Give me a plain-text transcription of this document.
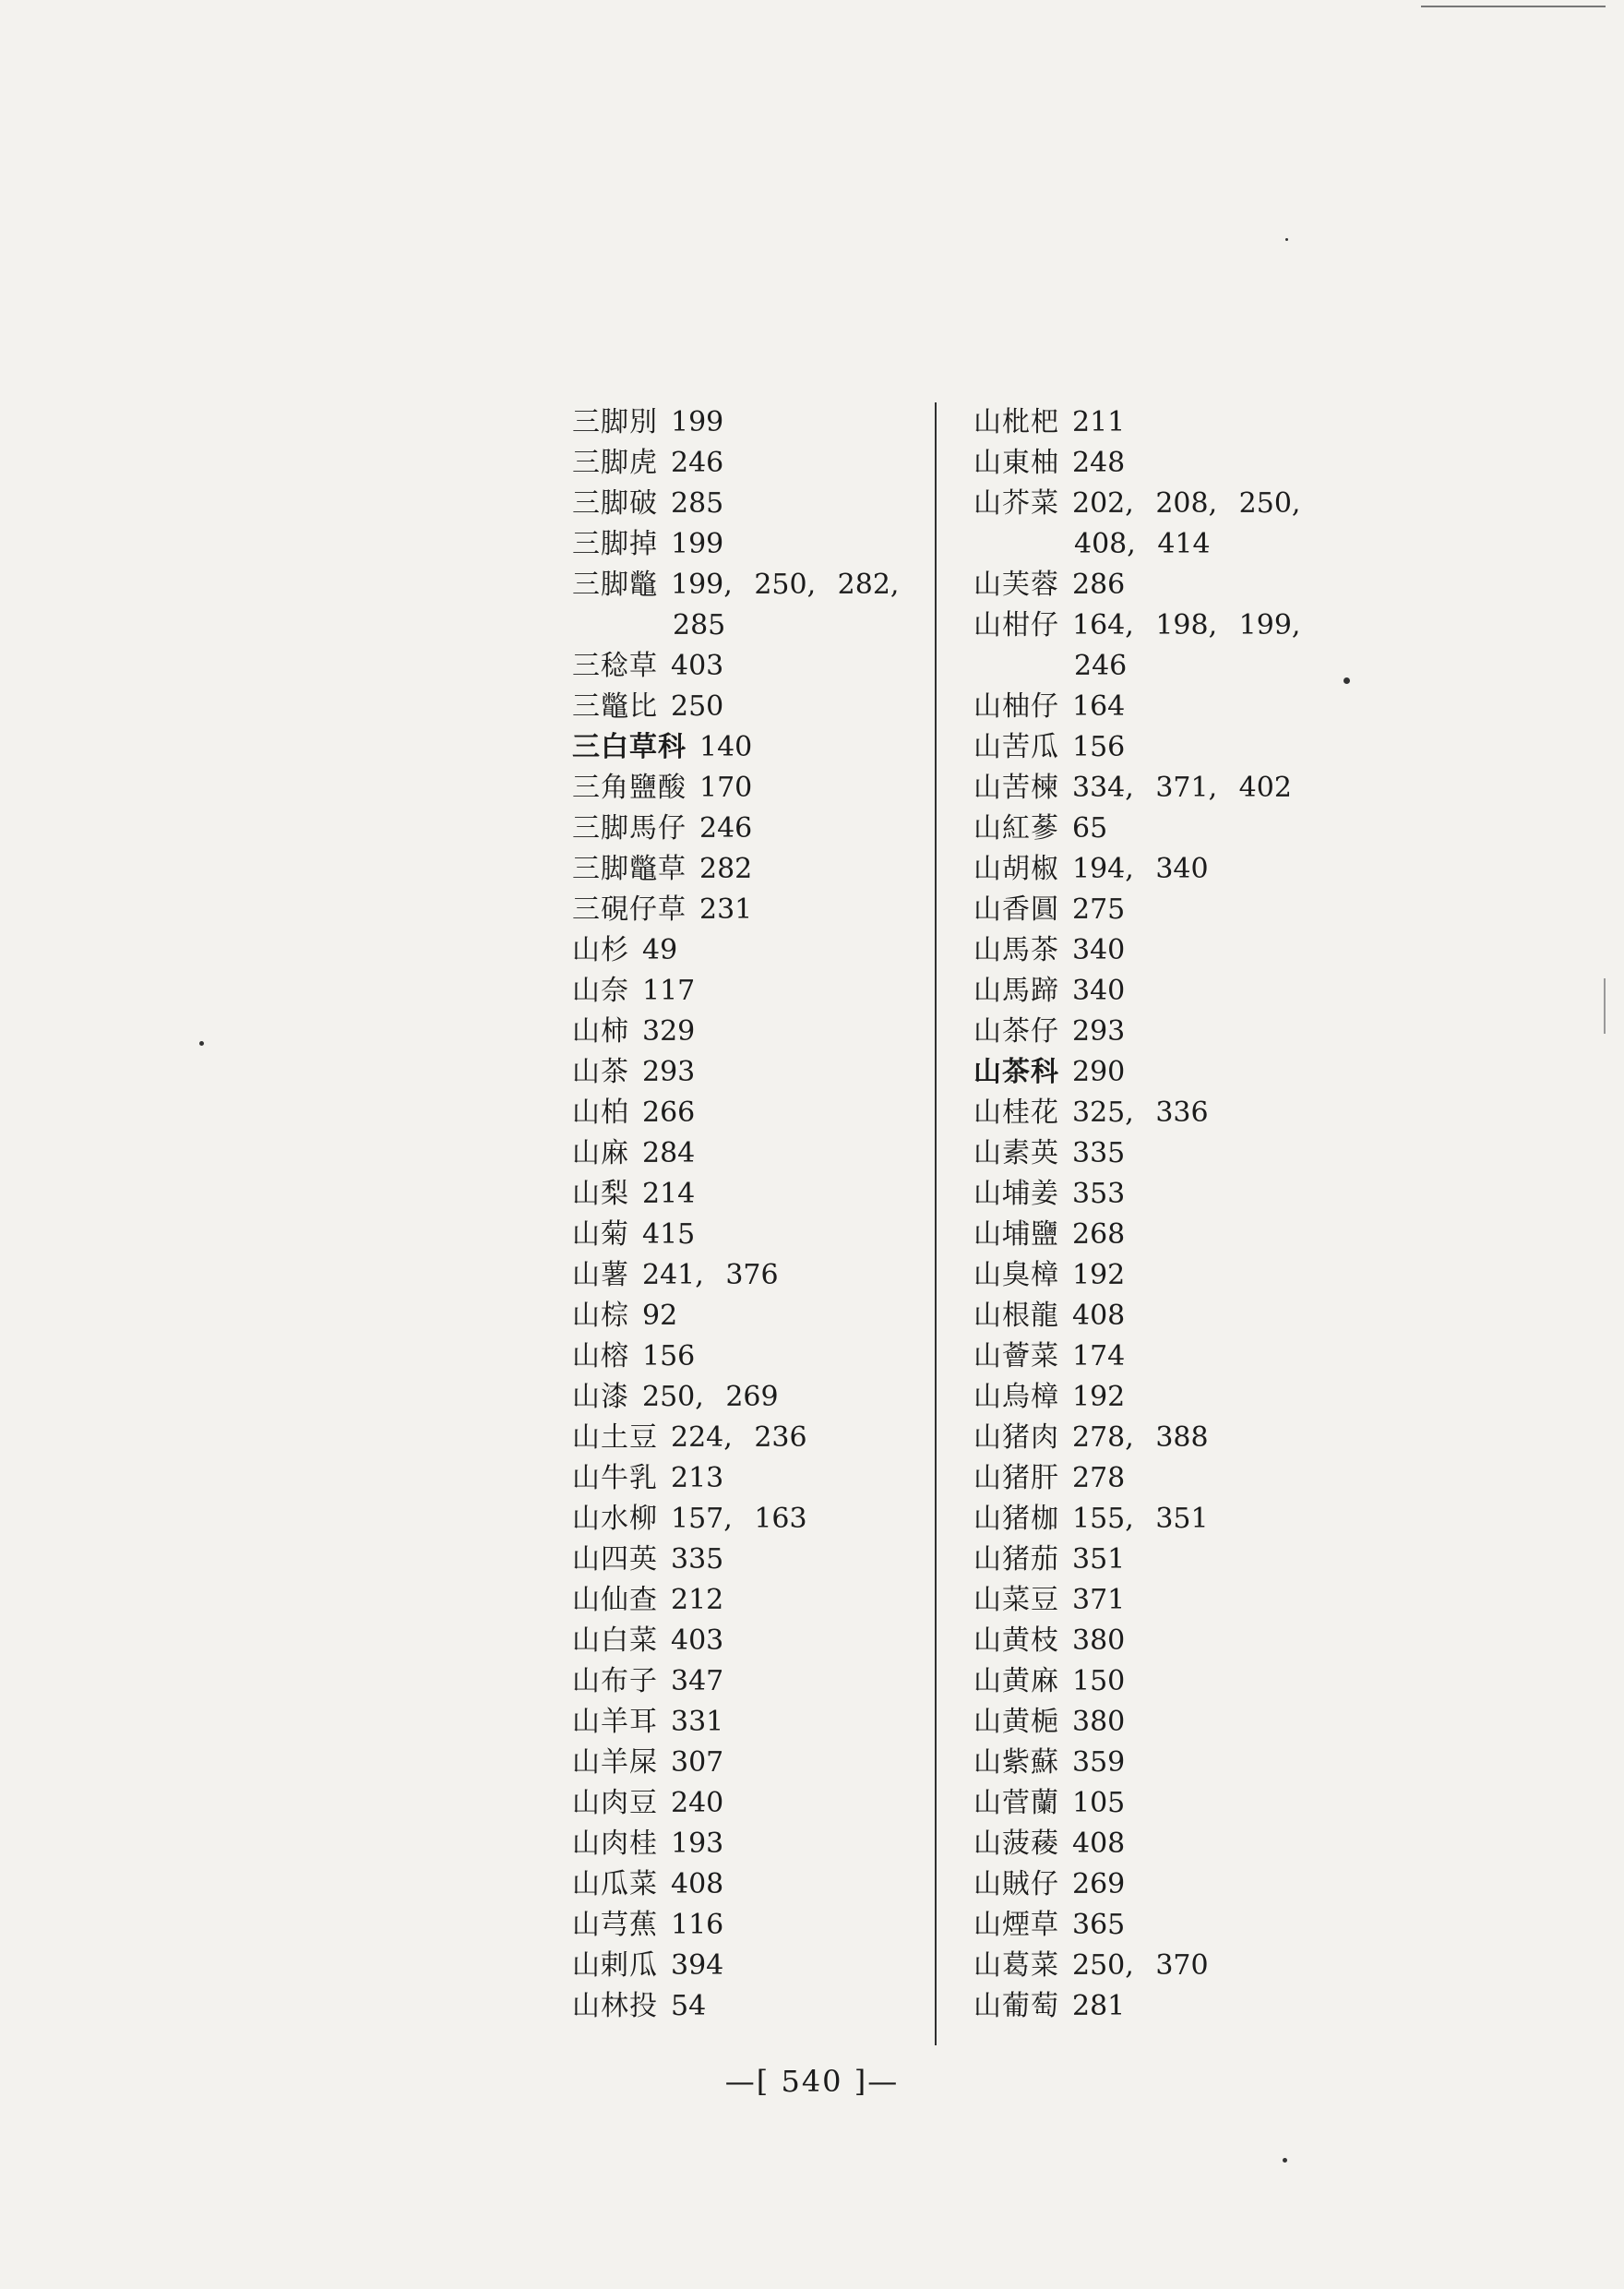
三脚別 199
三脚虎 246
三脚破 285
三脚掉 199
三脚鼈 199, 250, 282,
285
三稔草 403
三鼈比 250
三白草科 140
三角鹽酸 170
三脚馬仔 246
三脚鼈草 282
三硯仔草 231
山杉 49
山奈 117
山柿 329
山茶 293
山柏 266
山麻 284
山梨 214
山菊 415
山薯 241, 376
山棕 92
山榕 156
山漆 250, 269
山土豆 224, 236
山牛乳 213
山水柳 157, 163
山四英 335
山仙查 212
山白菜 403
山布子 347
山羊耳 331
山羊屎 307
山肉豆 240
山肉桂 193
山瓜菜 408
山芎蕉 116
山剌瓜 394
山林投 54
山枇杷 211
山東柚 248
山芥菜 202, 208, 250,
408, 414
山芙蓉 286
山柑仔 164, 198, 199,
246
山柚仔 164
山苦瓜 156
山苦楝 334, 371, 402
山紅蔘 65
山胡椒 194, 340
山香圓 275
山馬茶 340
山馬蹄 340
山茶仔 293
山茶科 290
山桂花 325, 336
山素英 335
山埔姜 353
山埔鹽 268
山臭樟 192
山根龍 408
山薈菜 174
山烏樟 192
山猪肉 278, 388
山猪肝 278
山猪枷 155, 351
山猪茄 351
山菜豆 371
山黄枝 380
山黄麻 150
山黄梔 380
山紫蘇 359
山菅蘭 105
山菠薐 408
山賊仔 269
山煙草 365
山葛菜 250, 370
山葡萄 281
—[ 540 ]—
